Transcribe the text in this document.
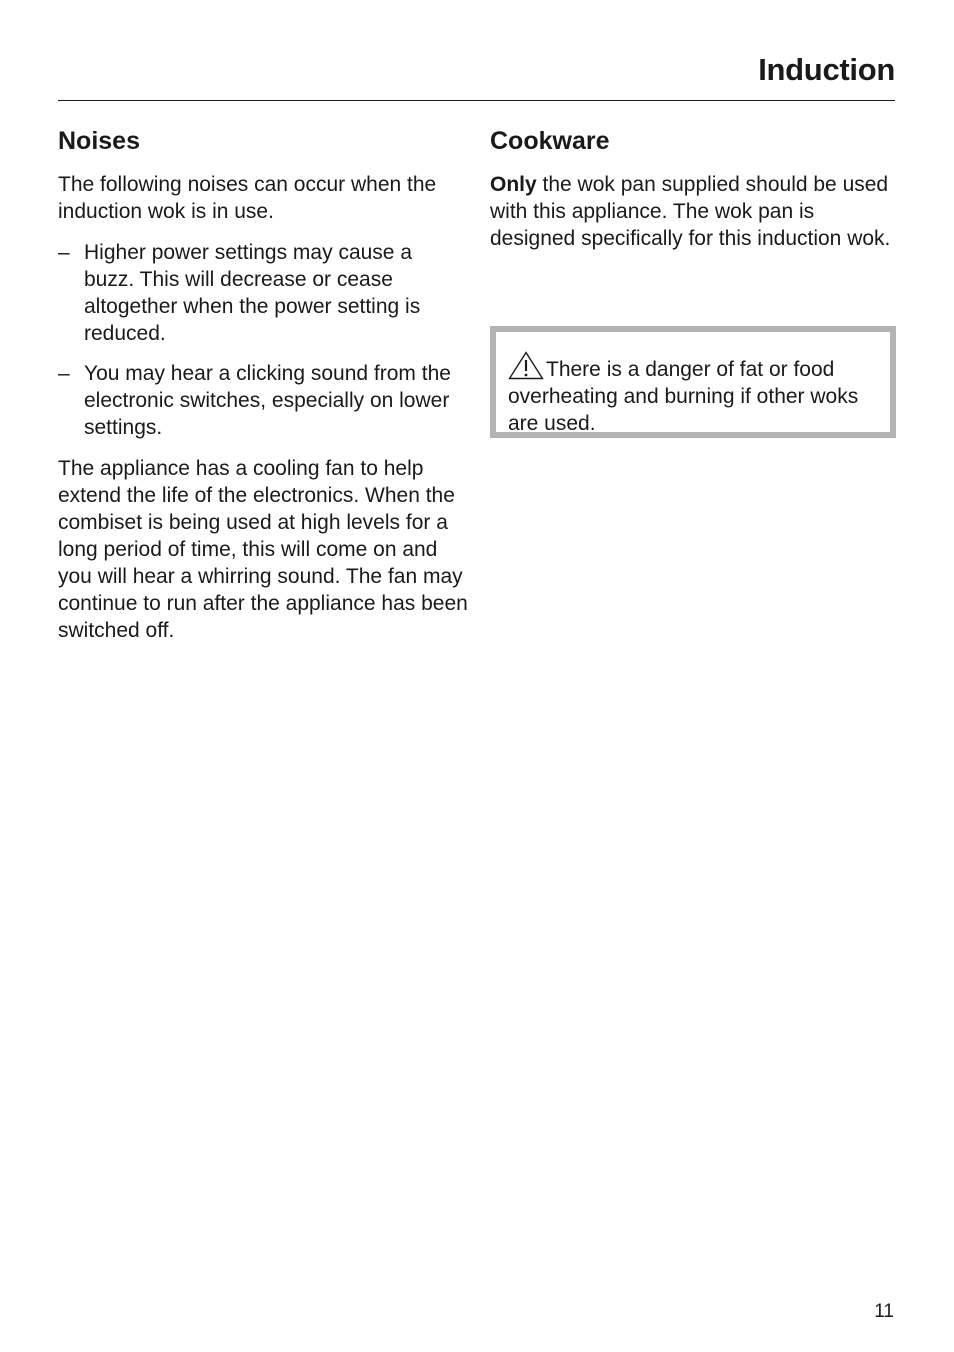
Induction
Noises

The following noises can occur when the induction wok is in use.

– Higher power settings may cause a buzz. This will decrease or cease altogether when the power setting is reduced.
– You may hear a clicking sound from the electronic switches, especially on lower settings.

The appliance has a cooling fan to help extend the life of the electronics. When the combiset is being used at high levels for a long period of time, this will come on and you will hear a whirring sound. The fan may continue to run after the appliance has been switched off.

Cookware

Only the wok pan supplied should be used with this appliance. The wok pan is designed specifically for this induction wok.

There is a danger of fat or food overheating and burning if other woks are used.
11
